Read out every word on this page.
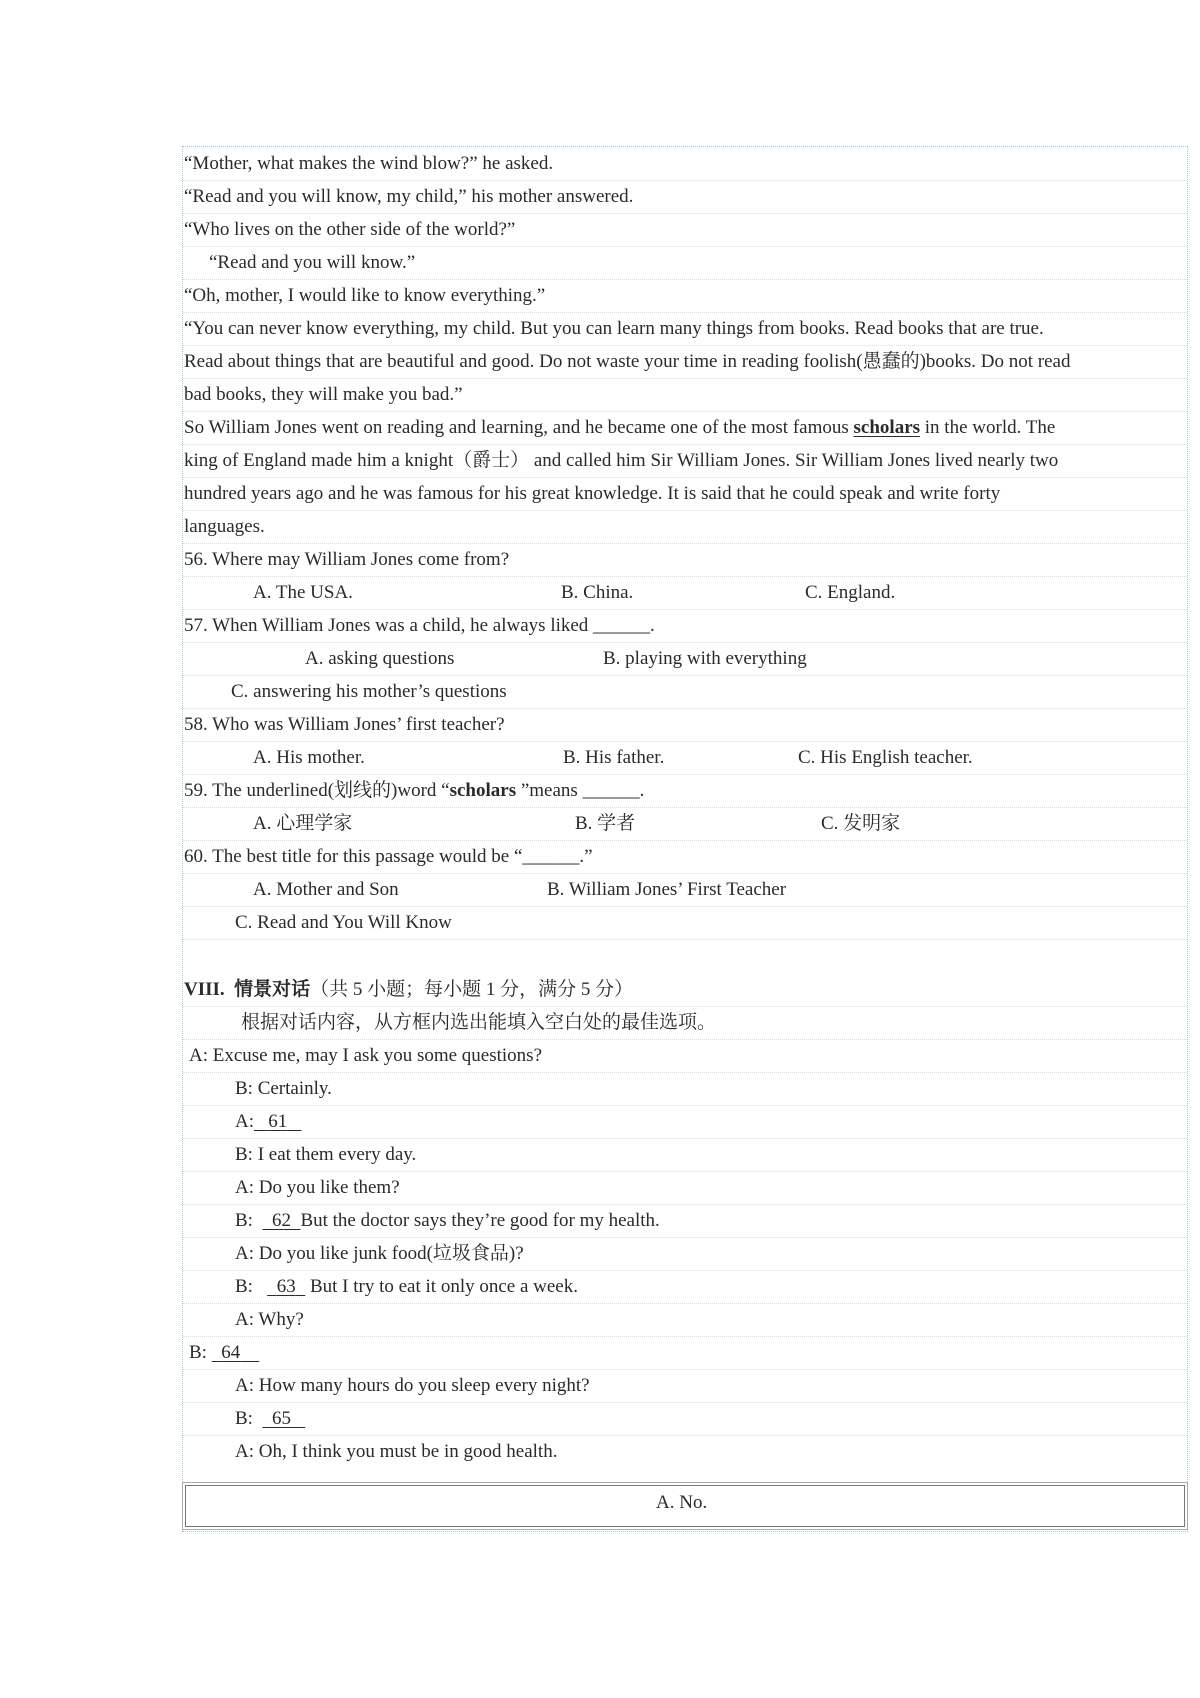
“Mother, what makes the wind blow?” he asked.
“Read and you will know, my child,” his mother answered.
“Who lives on the other side of the world?”
“Read and you will know.”
“Oh, mother, I would like to know everything.”
“You can never know everything, my child. But you can learn many things from books. Read books that are true.
Read about things that are beautiful and good. Do not waste your time in reading foolish(愚蠢的)books. Do not read
bad books, they will make you bad.”
So William Jones went on reading and learning, and he became one of the most famous scholars in the world. The
king of England made him a knight（爵士） and called him Sir William Jones. Sir William Jones lived nearly two
hundred years ago and he was famous for his great knowledge. It is said that he could speak and write forty
languages.
56. Where may William Jones come from?
A. The USA.	B. China.	C. England.
57. When William Jones was a child, he always liked ______.
A. asking questions	B. playing with everything
C. answering his mother’s questions
58. Who was William Jones’ first teacher?
A. His mother.	B. His father.	C. His English teacher.
59. The underlined(划线的)word “scholars ”means ______.
A. 心理学家	B. 学者	C. 发明家
60. The best title for this passage would be “______.”
A. Mother and Son	B. William Jones’ First Teacher
C. Read and You Will Know
VIII. 情景对话（共 5 小题；每小题 1 分，满分 5 分）
根据对话内容，从方框内选出能填入空白处的最佳选项。
A: Excuse me, may I ask you some questions?
B: Certainly.
A: 61
B: I eat them every day.
A: Do you like them?
B:    62 But the doctor says they’re good for my health.
A: Do you like junk food(垃圾食品)?
B:     63   But I try to eat it only once a week.
A: Why?
B:   64
A: How many hours do you sleep every night?
B:    65
A: Oh, I think you must be in good health.
A. No.
